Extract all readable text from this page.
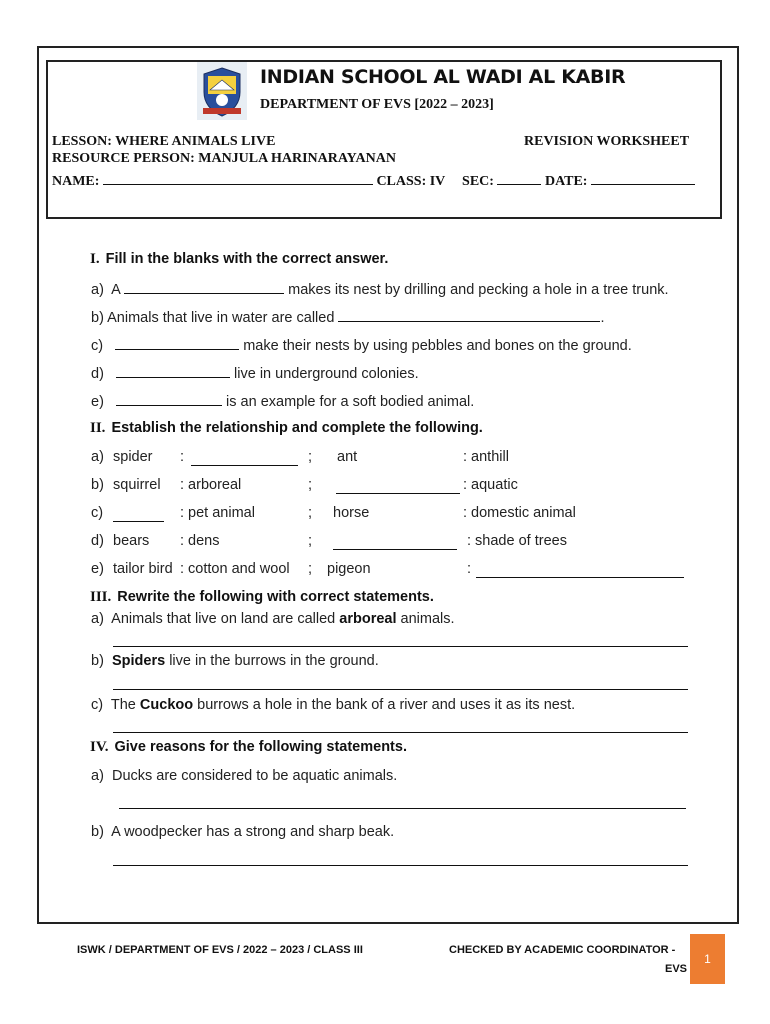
INDIAN SCHOOL AL WADI AL KABIR
DEPARTMENT OF EVS [2022 – 2023]
LESSON: WHERE ANIMALS LIVE	REVISION WORKSHEET
RESOURCE PERSON: MANJULA HARINARAYANAN
NAME:	CLASS: IV SEC:	DATE:
I. Fill in the blanks with the correct answer.
a) A	makes its nest by drilling and pecking a hole in a tree trunk.
b) Animals that live in water are called	.
c)	make their nests by using pebbles and bones on the ground.
d)	live in underground colonies.
e)	is an example for a soft bodied animal.
II. Establish the relationship and complete the following.
a) spider :	; ant	: anthill
b) squirrel : arboreal	;	: aquatic
c)	: pet animal	; horse	: domestic animal
d) bears : dens	;	: shade of trees
e) tailor bird : cotton and wool ; pigeon	:
III. Rewrite the following with correct statements.
a) Animals that live on land are called arboreal animals.
b) Spiders live in the burrows in the ground.
c) The Cuckoo burrows a hole in the bank of a river and uses it as its nest.
IV. Give reasons for the following statements.
a) Ducks are considered to be aquatic animals.
b) A woodpecker has a strong and sharp beak.
ISWK / DEPARTMENT OF EVS / 2022 – 2023 / CLASS III	CHECKED BY ACADEMIC COORDINATOR -
EVS
1
